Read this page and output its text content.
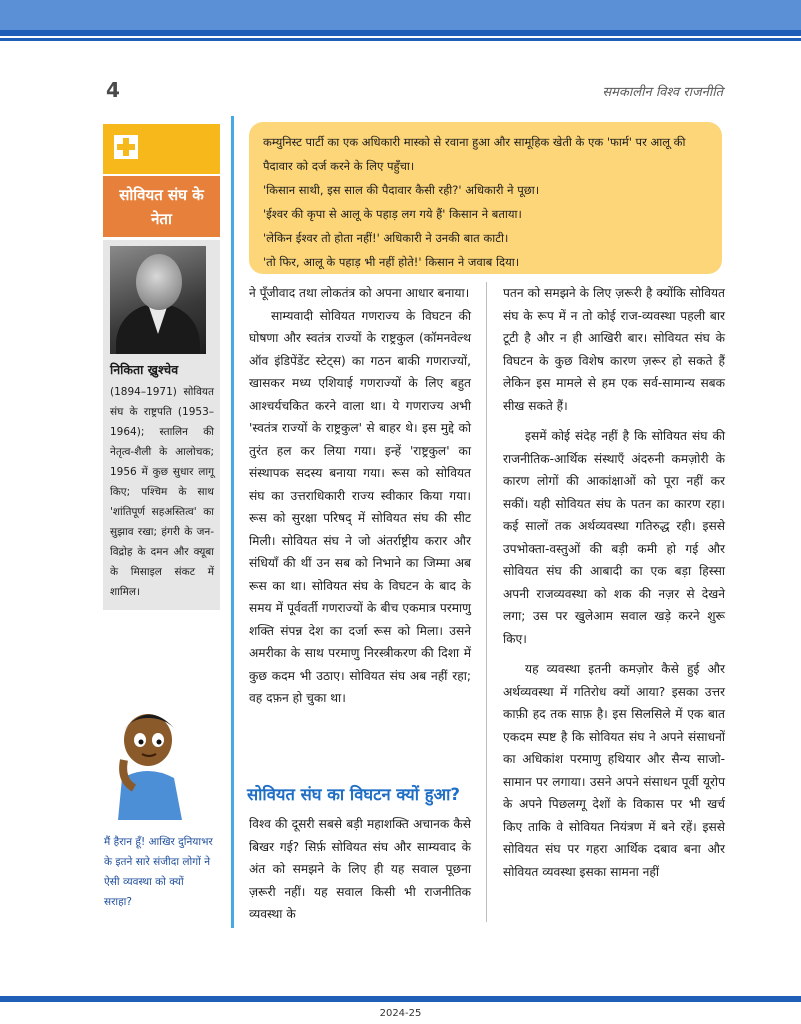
4	समकालीन विश्व राजनीति
सोवियत संघ के नेता
निकिता ख्रुश्चेव
(1894–1971) सोवियत संघ के राष्ट्रपति (1953–1964); स्तालिन की नेतृत्व-शैली के आलोचक; 1956 में कुछ सुधार लागू किए; पश्चिम के साथ 'शांतिपूर्ण सहअस्तित्व' का सुझाव रखा; हंगरी के जन-विद्रोह के दमन और क्यूबा के मिसाइल संकट में शामिल।
मैं हैरान हूँ! आखिर दुनियाभर के इतने सारे संजीदा लोगों ने ऐसी व्यवस्था को क्यों सराहा?

कम्युनिस्ट पार्टी का एक अधिकारी मास्को से रवाना हुआ और सामूहिक खेती के एक 'फार्म' पर आलू की पैदावार को दर्ज करने के लिए पहुँचा।

'किसान साथी, इस साल की पैदावार कैसी रही?' अधिकारी ने पूछा।

'ईश्वर की कृपा से आलू के पहाड़ लग गये हैं' किसान ने बताया।

'लेकिन ईश्वर तो होता नहीं!' अधिकारी ने उनकी बात काटी।

'तो फिर, आलू के पहाड़ भी नहीं होते!' किसान ने जवाब दिया।

ने पूँजीवाद तथा लोकतंत्र को अपना आधार बनाया।

साम्यवादी सोवियत गणराज्य के विघटन की घोषणा और स्वतंत्र राज्यों के राष्ट्रकुल (कॉमनवेल्थ ऑव इंडिपेंडेंट स्टेट्स) का गठन बाकी गणराज्यों, खासकर मध्य एशियाई गणराज्यों के लिए बहुत आश्चर्यचकित करने वाला था। ये गणराज्य अभी 'स्वतंत्र राज्यों के राष्ट्रकुल' से बाहर थे। इस मुद्दे को तुरंत हल कर लिया गया। इन्हें 'राष्ट्रकुल' का संस्थापक सदस्य बनाया गया। रूस को सोवियत संघ का उत्तराधिकारी राज्य स्वीकार किया गया। रूस को सुरक्षा परिषद् में सोवियत संघ की सीट मिली। सोवियत संघ ने जो अंतर्राष्ट्रीय करार और संधियाँ की थीं उन सब को निभाने का जिम्मा अब रूस का था। सोवियत संघ के विघटन के बाद के समय में पूर्ववर्ती गणराज्यों के बीच एकमात्र परमाणु शक्ति संपन्न देश का दर्जा रूस को मिला। उसने अमरीका के साथ परमाणु निरस्त्रीकरण की दिशा में कुछ कदम भी उठाए। सोवियत संघ अब नहीं रहा; वह दफ़न हो चुका था।

सोवियत संघ का विघटन क्यों हुआ?
विश्व की दूसरी सबसे बड़ी महाशक्ति अचानक कैसे बिखर गई? सिर्फ़ सोवियत संघ और साम्यवाद के अंत को समझने के लिए ही यह सवाल पूछना ज़रूरी नहीं। यह सवाल किसी भी राजनीतिक व्यवस्था के

पतन को समझने के लिए ज़रूरी है क्योंकि सोवियत संघ के रूप में न तो कोई राज-व्यवस्था पहली बार टूटी है और न ही आखिरी बार। सोवियत संघ के विघटन के कुछ विशेष कारण ज़रूर हो सकते हैं लेकिन इस मामले से हम एक सर्व-सामान्य सबक सीख सकते हैं।

इसमें कोई संदेह नहीं है कि सोवियत संघ की राजनीतिक-आर्थिक संस्थाएँ अंदरुनी कमज़ोरी के कारण लोगों की आकांक्षाओं को पूरा नहीं कर सकीं। यही सोवियत संघ के पतन का कारण रहा। कई सालों तक अर्थव्यवस्था गतिरुद्ध रही। इससे उपभोक्ता-वस्तुओं की बड़ी कमी हो गई और सोवियत संघ की आबादी का एक बड़ा हिस्सा अपनी राजव्यवस्था को शक की नज़र से देखने लगा; उस पर खुलेआम सवाल खड़े करने शुरू किए।

यह व्यवस्था इतनी कमज़ोर कैसे हुई और अर्थव्यवस्था में गतिरोध क्यों आया? इसका उत्तर काफ़ी हद तक साफ़ है। इस सिलसिले में एक बात एकदम स्पष्ट है कि सोवियत संघ ने अपने संसाधनों का अधिकांश परमाणु हथियार और सैन्य साजो-सामान पर लगाया। उसने अपने संसाधन पूर्वी यूरोप के अपने पिछलग्गू देशों के विकास पर भी खर्च किए ताकि वे सोवियत नियंत्रण में बने रहें। इससे सोवियत संघ पर गहरा आर्थिक दबाव बना और सोवियत व्यवस्था इसका सामना नहीं

2024-25
